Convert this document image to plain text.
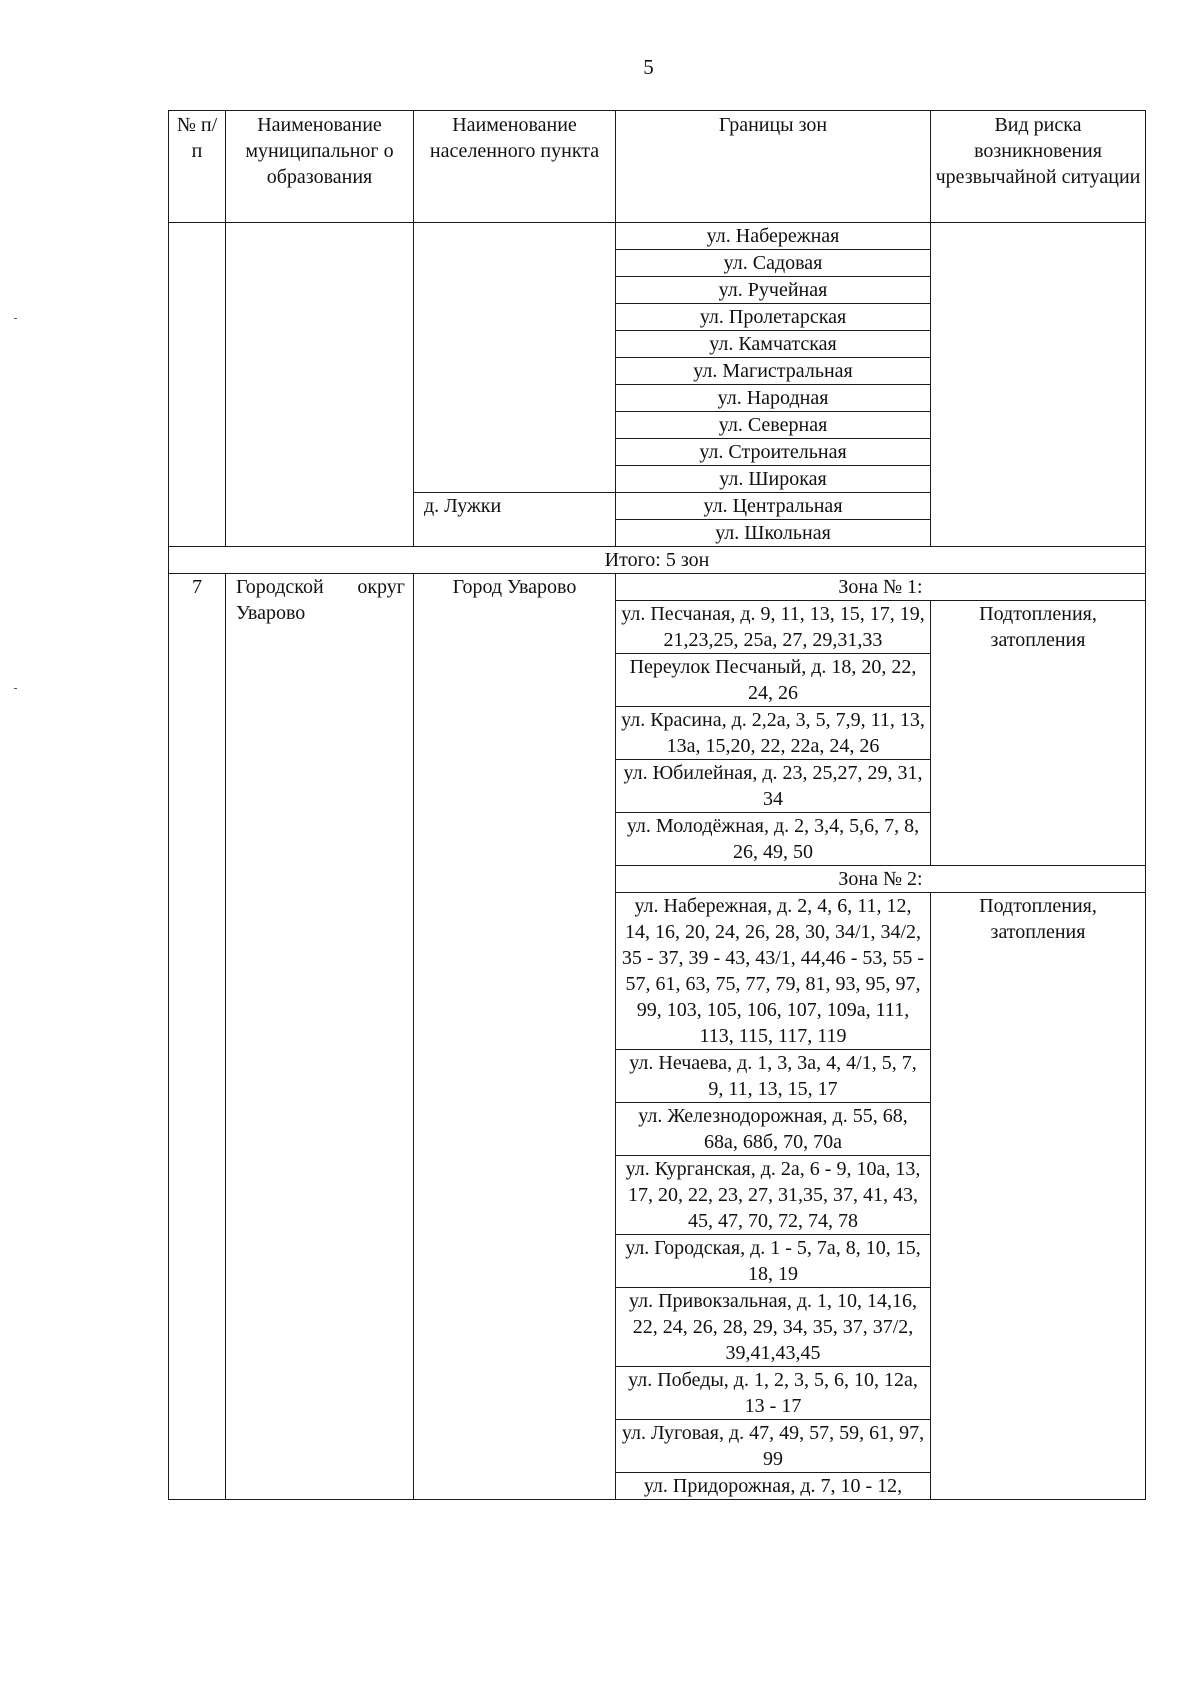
5
№ п/п	Наименование муниципальног о образования	Наименование населенного пункта	Границы зон	Вид риска возникновения чрезвычайной ситуации
			ул. Набережная	
			ул. Садовая	
			ул. Ручейная	
			ул. Пролетарская	
			ул. Камчатская	
			ул. Магистральная	
			ул. Народная	
			ул. Северная	
			ул. Строительная	
			ул. Широкая	
		д. Лужки	ул. Центральная	
			ул. Школьная	
Итого: 5 зон				
7	Городской округ Уварово	Город Уварово	Зона № 1:	
			ул. Песчаная, д. 9, 11, 13, 15, 17, 19, 21,23,25, 25а, 27, 29,31,33	Подтопления, затопления
			Переулок Песчаный, д. 18, 20, 22, 24, 26	
			ул. Красина, д. 2,2а, 3, 5, 7,9, 11, 13, 13а, 15,20, 22, 22а, 24, 26	
			ул. Юбилейная, д. 23, 25,27, 29, 31, 34	
			ул. Молодёжная, д. 2, 3,4, 5,6, 7, 8, 26, 49, 50	
			Зона № 2:	
			ул. Набережная, д. 2, 4, 6, 11, 12, 14, 16, 20, 24, 26, 28, 30, 34/1, 34/2, 35 - 37, 39 - 43, 43/1, 44,46 - 53, 55 - 57, 61, 63, 75, 77, 79, 81, 93, 95, 97, 99, 103, 105, 106, 107, 109а, 111, 113, 115, 117, 119	Подтопления, затопления
			ул. Нечаева, д. 1, 3, 3а, 4, 4/1, 5, 7, 9, 11, 13, 15, 17	
			ул. Железнодорожная, д. 55, 68, 68а, 68б, 70, 70а	
			ул. Курганская, д. 2а, 6 - 9, 10а, 13, 17, 20, 22, 23, 27, 31,35, 37, 41, 43, 45, 47, 70, 72, 74, 78	
			ул. Городская, д. 1 - 5, 7а, 8, 10, 15, 18, 19	
			ул. Привокзальная, д. 1, 10, 14,16, 22, 24, 26, 28, 29, 34, 35, 37, 37/2, 39,41,43,45	
			ул. Победы, д. 1, 2, 3, 5, 6, 10, 12а, 13 - 17	
			ул. Луговая, д. 47, 49, 57, 59, 61, 97, 99	
			ул. Придорожная, д. 7, 10 - 12,	
